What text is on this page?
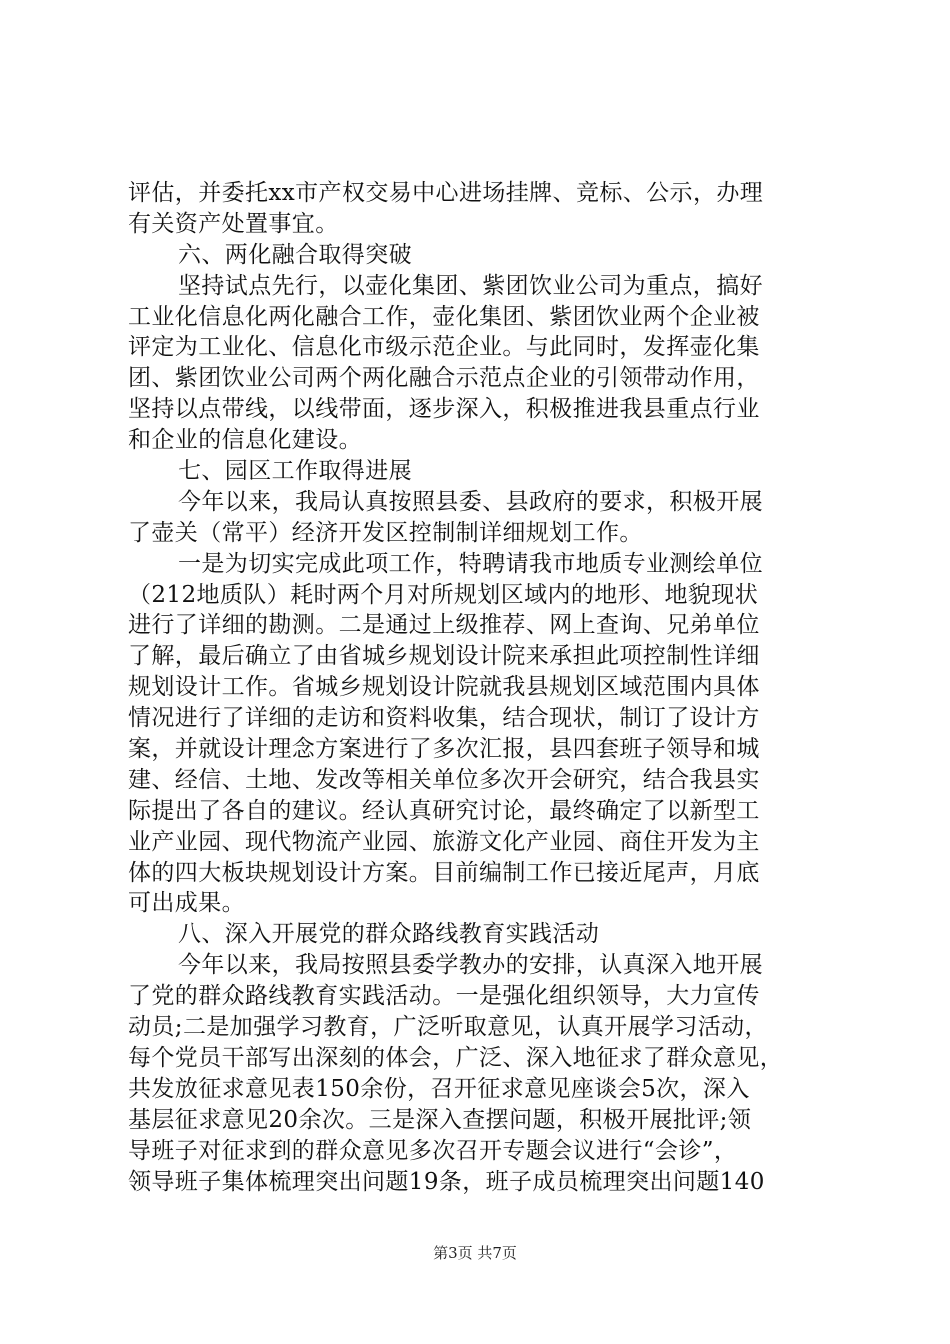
评估，并委托xx市产权交易中心进场挂牌、竞标、公示，办理
有关资产处置事宜。
六、两化融合取得突破
坚持试点先行，以壶化集团、紫团饮业公司为重点，搞好
工业化信息化两化融合工作，壶化集团、紫团饮业两个企业被
评定为工业化、信息化市级示范企业。与此同时，发挥壶化集
团、紫团饮业公司两个两化融合示范点企业的引领带动作用，
坚持以点带线，以线带面，逐步深入，积极推进我县重点行业
和企业的信息化建设。
七、园区工作取得进展
今年以来，我局认真按照县委、县政府的要求，积极开展
了壶关（常平）经济开发区控制制详细规划工作。
一是为切实完成此项工作，特聘请我市地质专业测绘单位
（212地质队）耗时两个月对所规划区域内的地形、地貌现状
进行了详细的勘测。二是通过上级推荐、网上查询、兄弟单位
了解，最后确立了由省城乡规划设计院来承担此项控制性详细
规划设计工作。省城乡规划设计院就我县规划区域范围内具体
情况进行了详细的走访和资料收集，结合现状，制订了设计方
案，并就设计理念方案进行了多次汇报，县四套班子领导和城
建、经信、土地、发改等相关单位多次开会研究，结合我县实
际提出了各自的建议。经认真研究讨论，最终确定了以新型工
业产业园、现代物流产业园、旅游文化产业园、商住开发为主
体的四大板块规划设计方案。目前编制工作已接近尾声，月底
可出成果。
八、深入开展党的群众路线教育实践活动
今年以来，我局按照县委学教办的安排，认真深入地开展
了党的群众路线教育实践活动。一是强化组织领导，大力宣传
动员;二是加强学习教育，广泛听取意见，认真开展学习活动，
每个党员干部写出深刻的体会，广泛、深入地征求了群众意见，
共发放征求意见表150余份，召开征求意见座谈会5次，深入
基层征求意见20余次。三是深入查摆问题，积极开展批评;领
导班子对征求到的群众意见多次召开专题会议进行“会诊”，
领导班子集体梳理突出问题19条，班子成员梳理突出问题140
第3页 共7页
